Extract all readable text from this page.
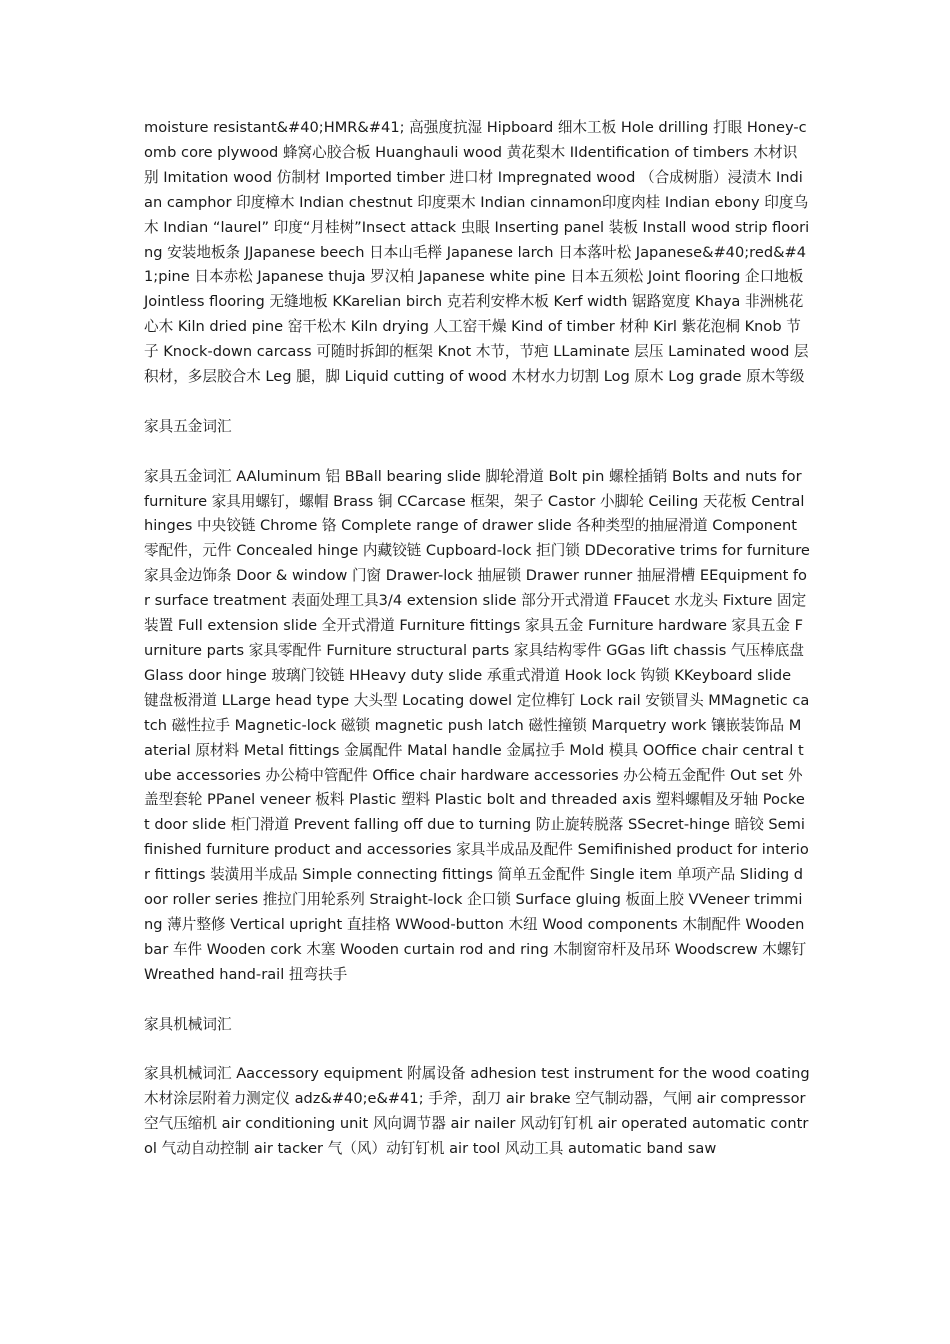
moisture resistant&#40;HMR&#41; 高强度抗湿 Hipboard 细木工板 Hole drilling 打眼 Honey-comb core plywood 蜂窝心胶合板 Huanghauli wood 黄花梨木 IIdentification of timbers 木材识别 Imitation wood 仿制材 Imported timber 进口材 Impregnated wood （合成树脂）浸渍木 Indian camphor 印度樟木 Indian chestnut 印度栗木 Indian cinnamon印度肉桂 Indian ebony 印度乌木 Indian “laurel” 印度“月桂树”Insect attack 虫眼 Inserting panel 装板 Install wood strip flooring 安装地板条 JJapanese beech 日本山毛榉 Japanese larch 日本落叶松 Japanese&#40;red&#41;pine 日本赤松 Japanese thuja 罗汉柏 Japanese white pine 日本五须松 Joint flooring 企口地板 Jointless flooring 无缝地板 KKarelian birch 克若利安桦木板 Kerf width 锯路宽度 Khaya 非洲桃花心木 Kiln dried pine 窑干松木 Kiln drying 人工窑干燥 Kind of timber 材种 Kirl 紫花泡桐 Knob 节子 Knock-down carcass 可随时拆卸的框架 Knot 木节，节疤 LLaminate 层压 Laminated wood 层积材，多层胶合木 Leg 腿，脚 Liquid cutting of wood 木材水力切割 Log 原木 Log grade 原木等级

家具五金词汇

家具五金词汇 AAluminum 铝 BBall bearing slide 脚轮滑道 Bolt pin 螺栓插销 Bolts and nuts for furniture 家具用螺钉，螺帽 Brass 铜 CCarcase 框架，架子 Castor 小脚轮 Ceiling 天花板 Central hinges 中央铰链 Chrome 铬 Complete range of drawer slide 各种类型的抽屉滑道 Component 零配件，元件 Concealed hinge 内藏铰链 Cupboard-lock 拒门锁 DDecorative trims for furniture 家具金边饰条 Door & window 门窗 Drawer-lock 抽屉锁 Drawer runner 抽屉滑槽 EEquipment for surface treatment 表面处理工具3/4 extension slide 部分开式滑道 FFaucet 水龙头 Fixture 固定装置 Full extension slide 全开式滑道 Furniture fittings 家具五金 Furniture hardware 家具五金 Furniture parts 家具零配件 Furniture structural parts 家具结构零件 GGas lift chassis 气压棒底盘 Glass door hinge 玻璃门铰链 HHeavy duty slide 承重式滑道 Hook lock 钩锁 KKeyboard slide 键盘板滑道 LLarge head type 大头型 Locating dowel 定位榫钉 Lock rail 安锁冒头 MMagnetic catch 磁性拉手 Magnetic-lock 磁锁 magnetic push latch 磁性撞锁 Marquetry work 镶嵌装饰品 Material 原材料 Metal fittings 金属配件 Matal handle 金属拉手 Mold 模具 OOffice chair central tube accessories 办公椅中管配件 Office chair hardware accessories 办公椅五金配件 Out set 外盖型套轮 PPanel veneer 板料 Plastic 塑料 Plastic bolt and threaded axis 塑料螺帽及牙轴 Pocket door slide 柜门滑道 Prevent falling off due to turning 防止旋转脱落 SSecret-hinge 暗铰 Semifinished furniture product and accessories 家具半成品及配件 Semifinished product for interior fittings 装潢用半成品 Simple connecting fittings 简单五金配件 Single item 单项产品 Sliding door roller series 推拉门用轮系列 Straight-lock 企口锁 Surface gluing 板面上胶 VVeneer trimming 薄片整修 Vertical upright 直挂格 WWood-button 木纽 Wood components 木制配件 Wooden bar 车件 Wooden cork 木塞 Wooden curtain rod and ring 木制窗帘杆及吊环 Woodscrew 木螺钉 Wreathed hand-rail 扭弯扶手

家具机械词汇

家具机械词汇 Aaccessory equipment 附属设备 adhesion test instrument for the wood coating 木材涂层附着力测定仪 adz&#40;e&#41; 手斧，刮刀 air brake 空气制动器，气闸 air compressor 空气压缩机 air conditioning unit 风向调节器 air nailer 风动钉钉机 air operated automatic control 气动自动控制 air tacker 气（风）动钉钉机 air tool 风动工具 automatic band saw
